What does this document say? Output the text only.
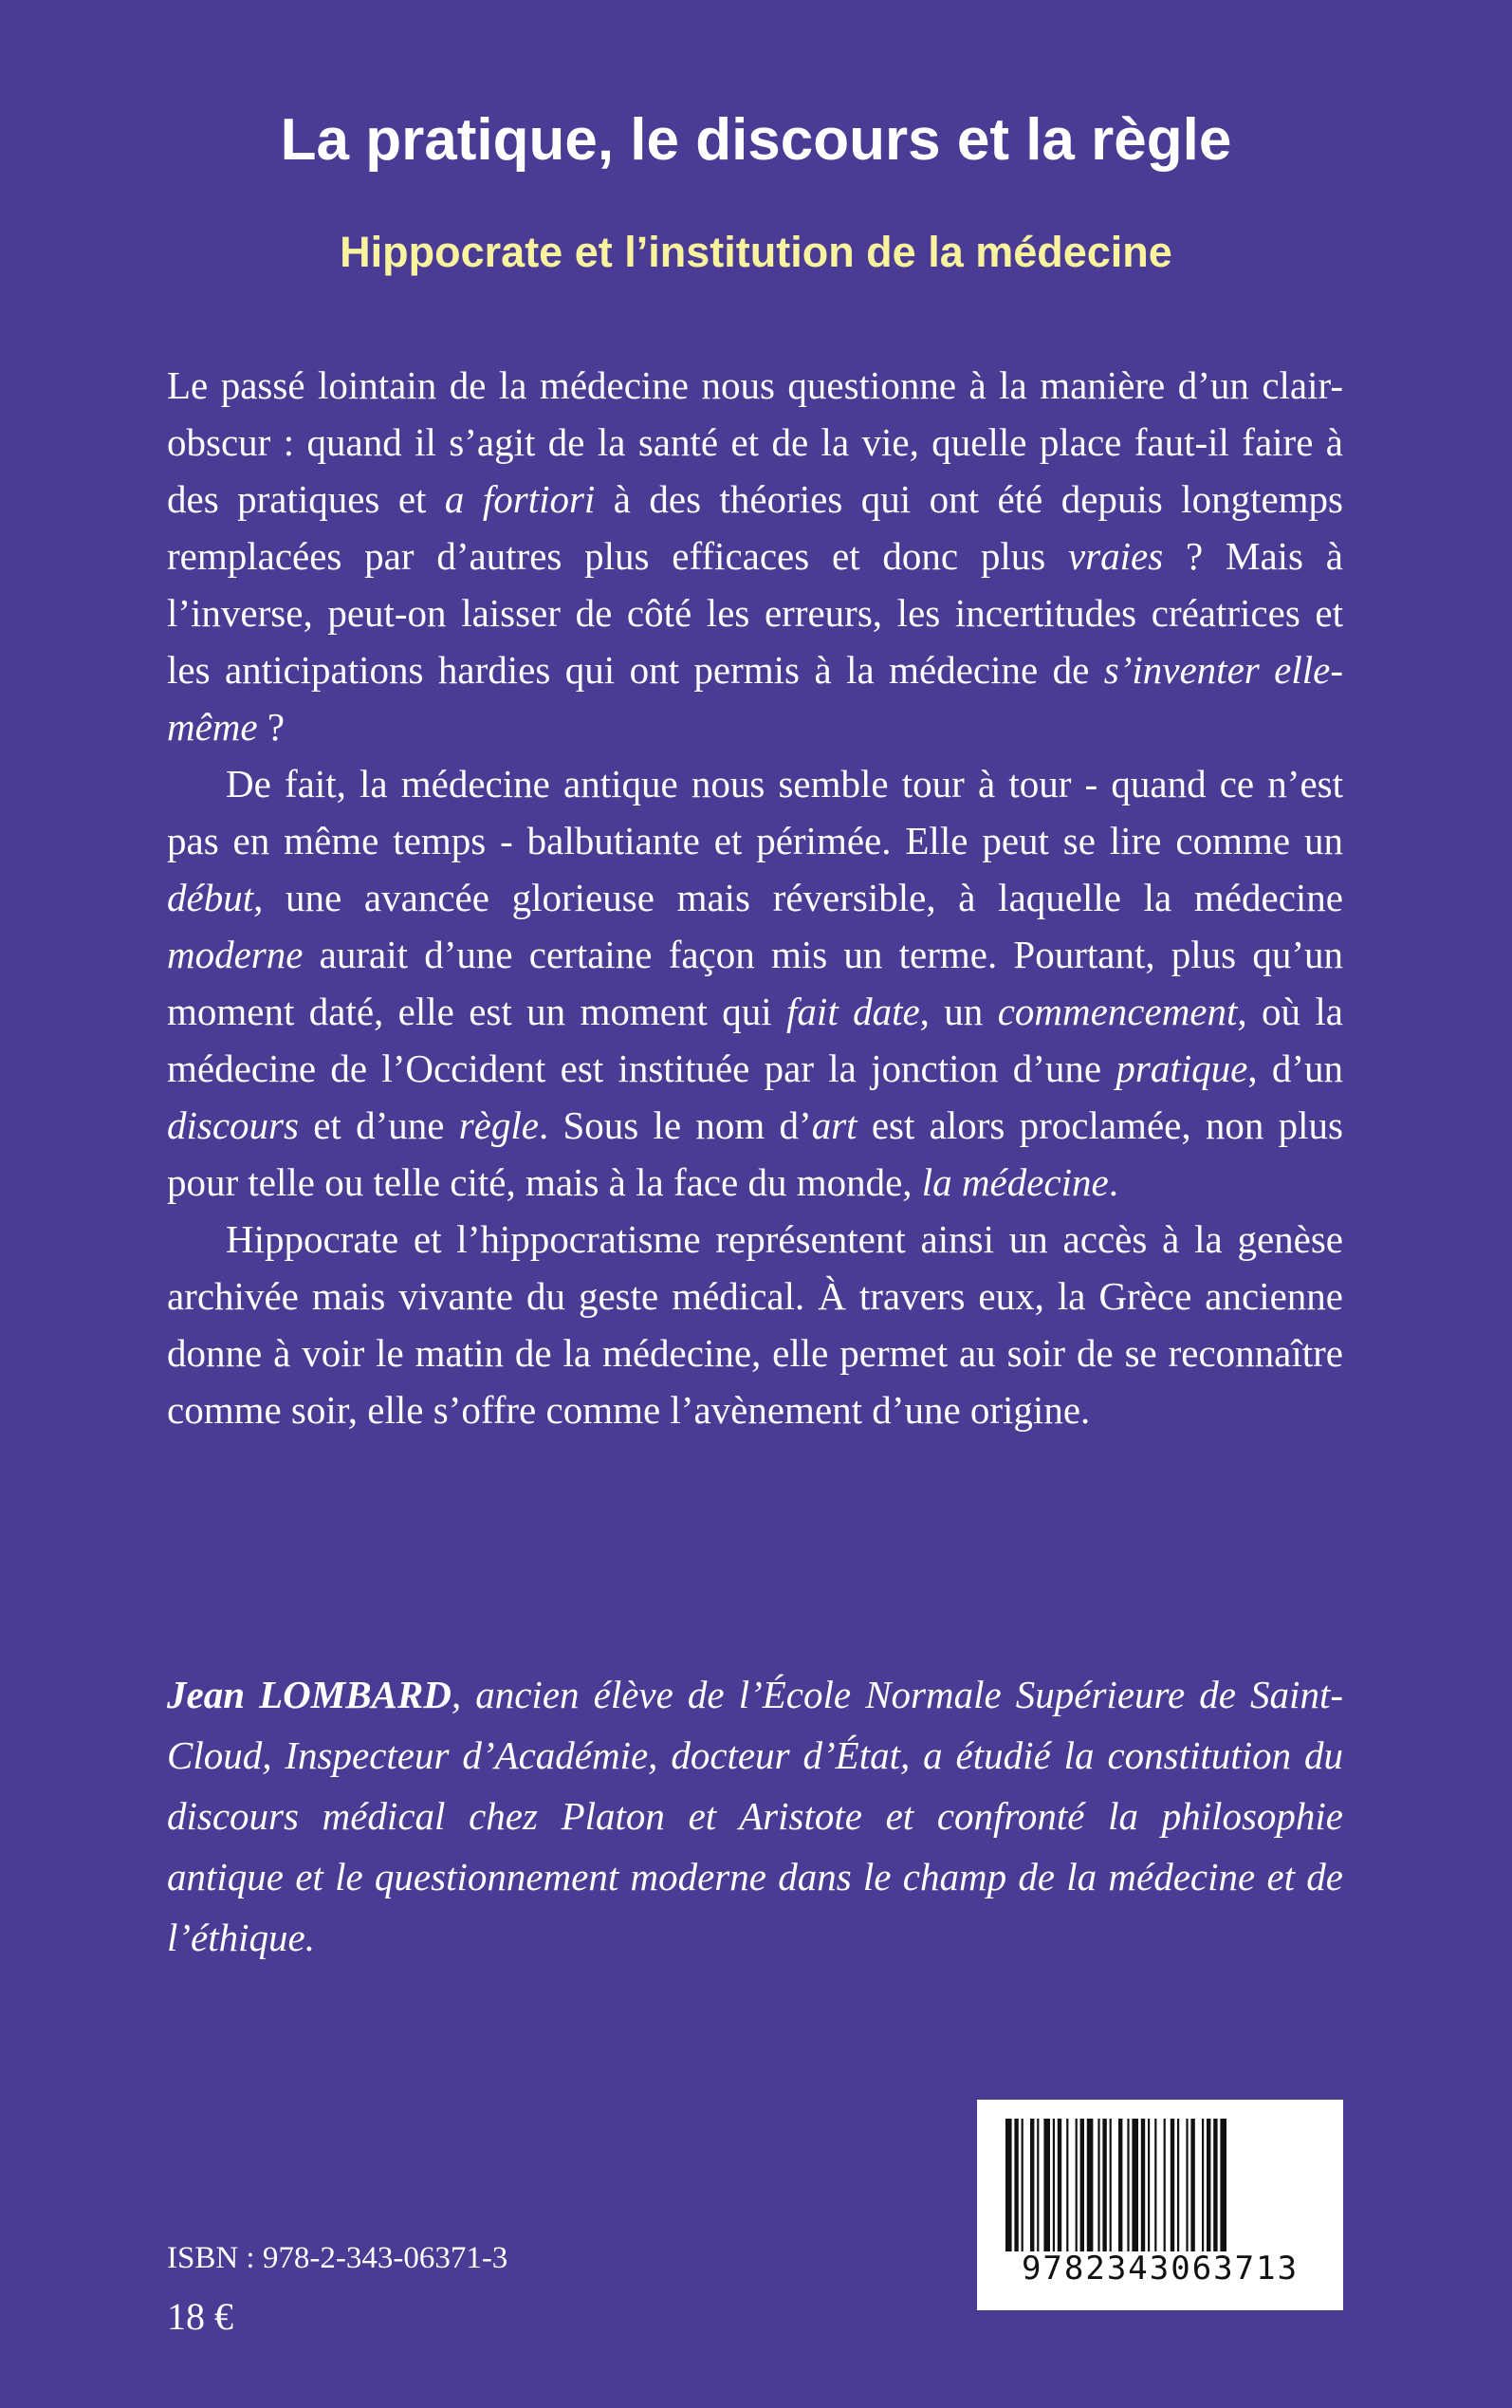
La pratique, le discours et la règle
Hippocrate et l’institution de la médecine

Le passé lointain de la médecine nous questionne à la manière d’un clair-obscur : quand il s’agit de la santé et de la vie, quelle place faut-il faire à des pratiques et a fortiori à des théories qui ont été depuis longtemps remplacées par d’autres plus efficaces et donc plus vraies ? Mais à l’inverse, peut-on laisser de côté les erreurs, les incertitudes créatrices et les anticipations hardies qui ont permis à la médecine de s’inventer elle-même ?

De fait, la médecine antique nous semble tour à tour - quand ce n’est pas en même temps - balbutiante et périmée. Elle peut se lire comme un début, une avancée glorieuse mais réversible, à laquelle la médecine moderne aurait d’une certaine façon mis un terme. Pourtant, plus qu’un moment daté, elle est un moment qui fait date, un commencement, où la médecine de l’Occident est instituée par la jonction d’une pratique, d’un discours et d’une règle. Sous le nom d’art est alors proclamée, non plus pour telle ou telle cité, mais à la face du monde, la médecine.

Hippocrate et l’hippocratisme représentent ainsi un accès à la genèse archivée mais vivante du geste médical. À travers eux, la Grèce ancienne donne à voir le matin de la médecine, elle permet au soir de se reconnaître comme soir, elle s’offre comme l’avènement d’une origine.

Jean LOMBARD, ancien élève de l’École Normale Supérieure de Saint-Cloud, Inspecteur d’Académie, docteur d’État, a étudié la constitution du discours médical chez Platon et Aristote et confronté la philosophie antique et le questionnement moderne dans le champ de la médecine et de l’éthique.

ISBN : 978-2-343-06371-3
18 €
9782343063713
